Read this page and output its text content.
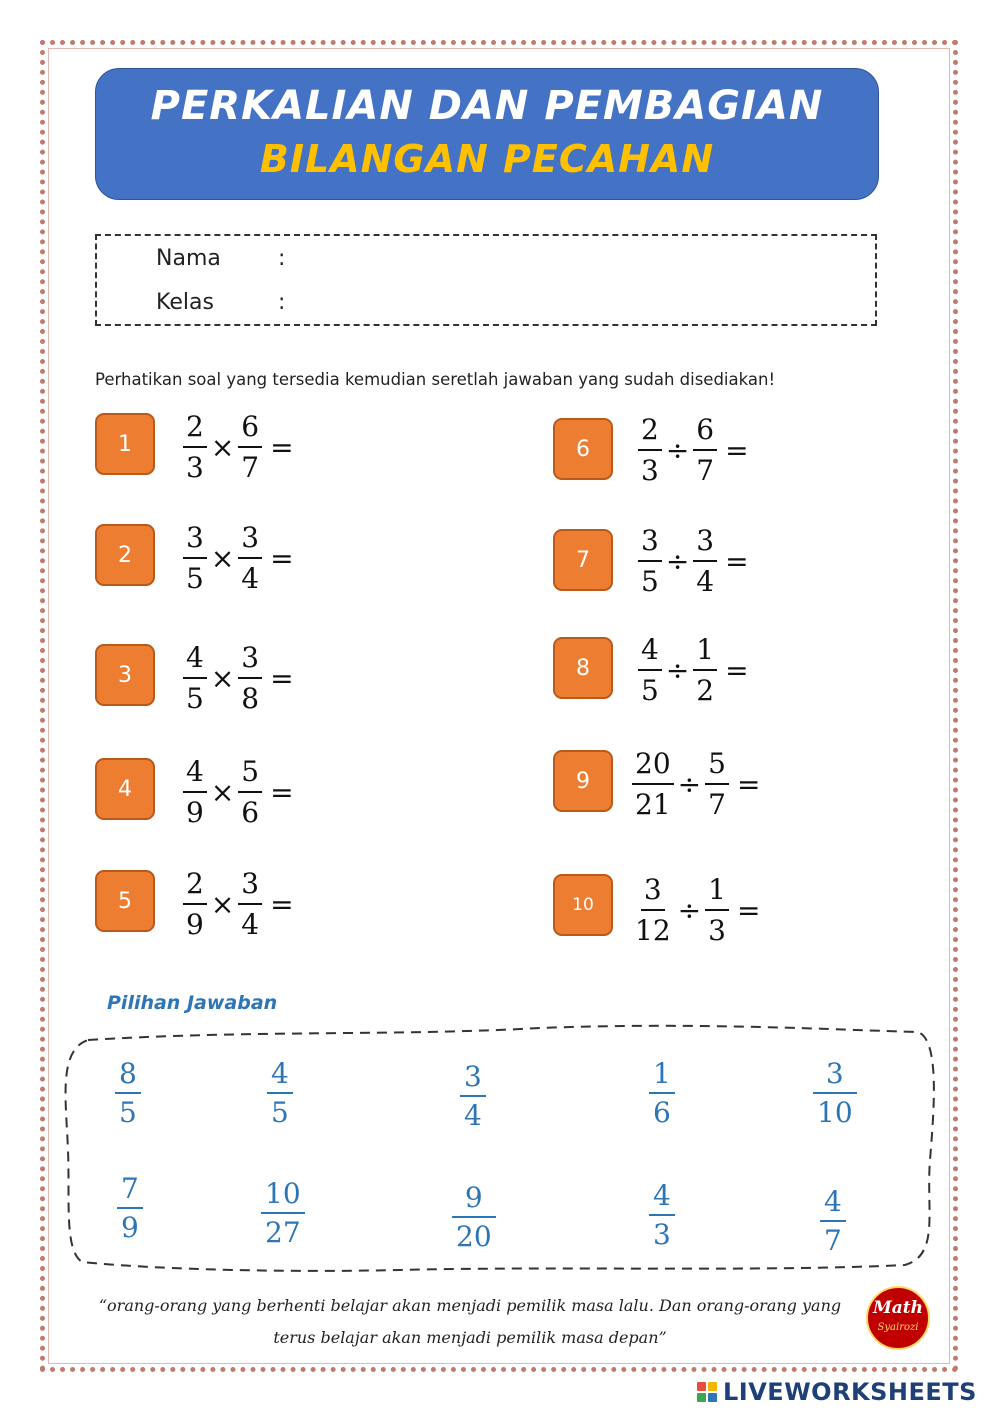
PERKALIAN DAN PEMBAGIAN
BILANGAN PECAHAN
Nama	:
Kelas	:
Perhatikan soal yang tersedia kemudian seretlah jawaban yang sudah disediakan!
1	$\frac{2}{3} \times \frac{6}{7}$ =
2	$\frac{3}{5} \times \frac{3}{4}$ =
3	$\frac{4}{5} \times \frac{3}{8}$ =
4	$\frac{4}{9} \times \frac{5}{6}$ =
5	$\frac{2}{9} \times \frac{3}{4}$ =
6	$\frac{2}{3} \div \frac{6}{7}$ =
7	$\frac{3}{5} \div \frac{3}{4}$ =
8	$\frac{4}{5} \div \frac{1}{2}$ =
9	$\frac{20}{21} \div \frac{5}{7}$ =
10	$\frac{3}{12} \div \frac{1}{3}$ =
Pilihan Jawaban
8
5
4
5
3
4
1
6
3
10
7
9
10
27
9
20
4
3
4
7
“orang-orang yang berhenti belajar akan menjadi pemilik masa lalu. Dan orang-orang yang
terus belajar akan menjadi pemilik masa depan”
Math
Syairozi
LIVEWORKSHEETS
